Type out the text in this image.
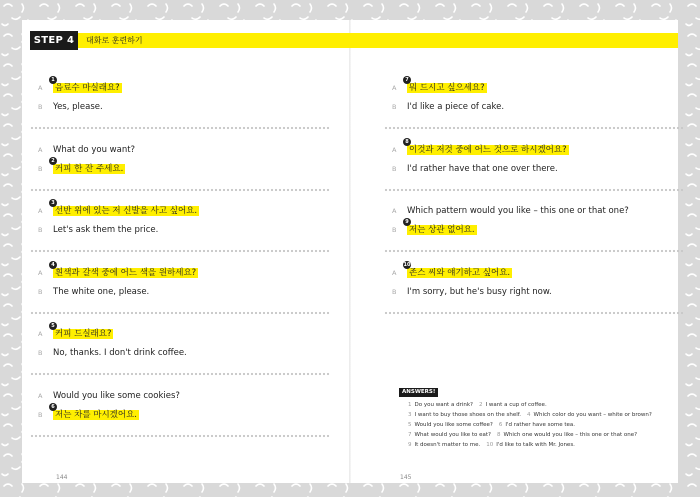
STEP 4	대화로 훈련하기
A	음료수 마실래요?
1
B	Yes, please.
A	What do you want?
B	커피 한 잔 주세요.
2
A	선반 위에 있는 저 신발을 사고 싶어요.
3
B	Let's ask them the price.
A	흰색과 갈색 중에 어느 색을 원하세요?
4
B	The white one, please.
A	커피 드실래요?
5
B	No, thanks. I don't drink coffee.
A	Would you like some cookies?
B	저는 차를 마시겠어요.
6
A	뭐 드시고 싶으세요?
7
B	I'd like a piece of cake.
A	이것과 저것 중에 어느 것으로 하시겠어요?
8
B	I'd rather have that one over there.
A	Which pattern would you like – this one or that one?
B	저는 상관 없어요.
9
A	존스 씨와 얘기하고 싶어요.
10
B	I'm sorry, but he's busy right now.
ANSWERS!
1 Do you want a drink? 2 I want a cup of coffee.
3 I want to buy those shoes on the shelf. 4 Which color do you want – white or brown?
5 Would you like some coffee? 6 I'd rather have some tea.
7 What would you like to eat? 8 Which one would you like – this one or that one?
9 It doesn't matter to me. 10 I'd like to talk with Mr. Jones.
144	145
